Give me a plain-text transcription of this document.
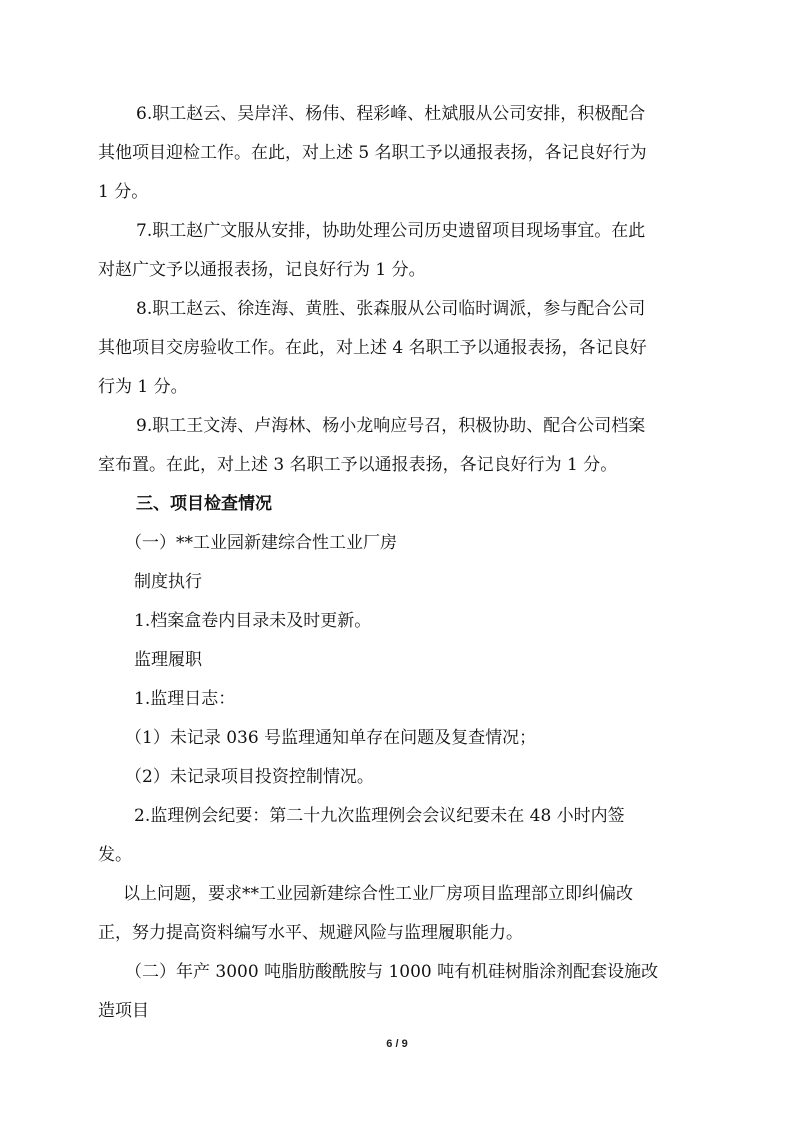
6.职工赵云、吴岸洋、杨伟、程彩峰、杜斌服从公司安排，积极配合
其他项目迎检工作。在此，对上述 5 名职工予以通报表扬，各记良好行为
1 分。
7.职工赵广文服从安排，协助处理公司历史遗留项目现场事宜。在此
对赵广文予以通报表扬，记良好行为 1 分。
8.职工赵云、徐连海、黄胜、张森服从公司临时调派，参与配合公司
其他项目交房验收工作。在此，对上述 4 名职工予以通报表扬，各记良好
行为 1 分。
9.职工王文涛、卢海林、杨小龙响应号召，积极协助、配合公司档案
室布置。在此，对上述 3 名职工予以通报表扬，各记良好行为 1 分。
三、项目检查情况
（一）**工业园新建综合性工业厂房
制度执行
1.档案盒卷内目录未及时更新。
监理履职
1.监理日志：
（1）未记录 036 号监理通知单存在问题及复查情况；
（2）未记录项目投资控制情况。
2.监理例会纪要：第二十九次监理例会会议纪要未在 48 小时内签
发。
以上问题，要求**工业园新建综合性工业厂房项目监理部立即纠偏改
正，努力提高资料编写水平、规避风险与监理履职能力。
（二）年产 3000 吨脂肪酸酰胺与 1000 吨有机硅树脂涂剂配套设施改
造项目
6 / 9
